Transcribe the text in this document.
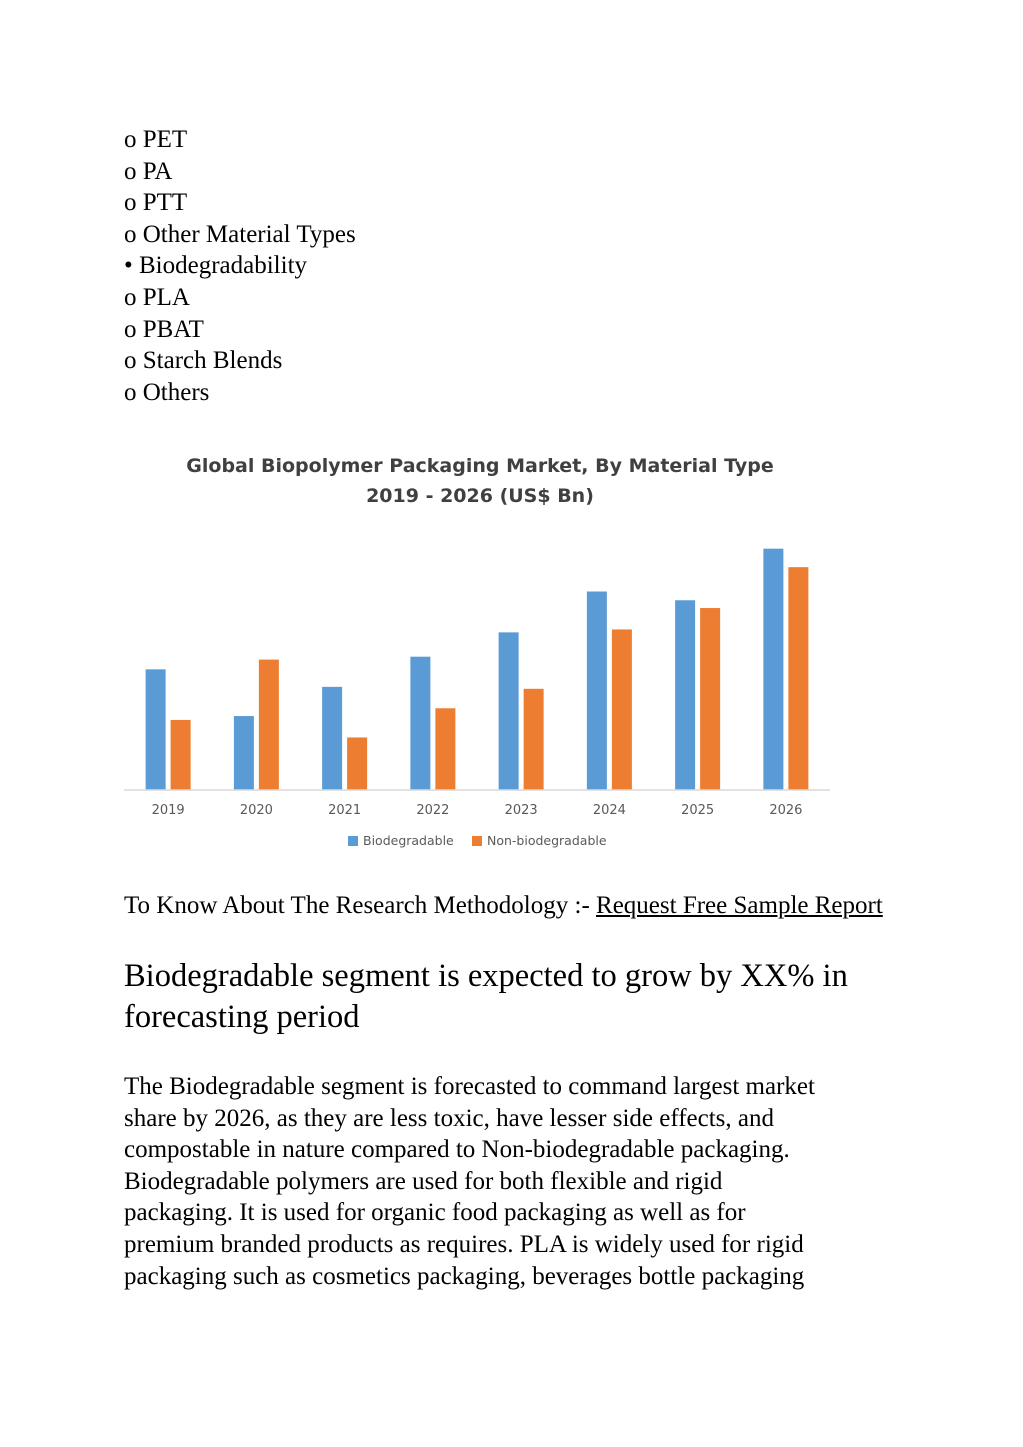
o PET
o PA
o PTT
o Other Material Types
• Biodegradability
o PLA
o PBAT
o Starch Blends
o Others
Global Biopolymer Packaging Market, By Material Type
2019 - 2026 (US$ Bn)
2019	2020	2021	2022	2023	2024	2025	2026
Biodegradable	Non-biodegradable
To Know About The Research Methodology :- Request Free Sample Report
Biodegradable segment is expected to grow by XX% in forecasting period

The Biodegradable segment is forecasted to command largest market
share by 2026, as they are less toxic, have lesser side effects, and
compostable in nature compared to Non-biodegradable packaging.
Biodegradable polymers are used for both flexible and rigid
packaging. It is used for organic food packaging as well as for
premium branded products as requires. PLA is widely used for rigid
packaging such as cosmetics packaging, beverages bottle packaging
